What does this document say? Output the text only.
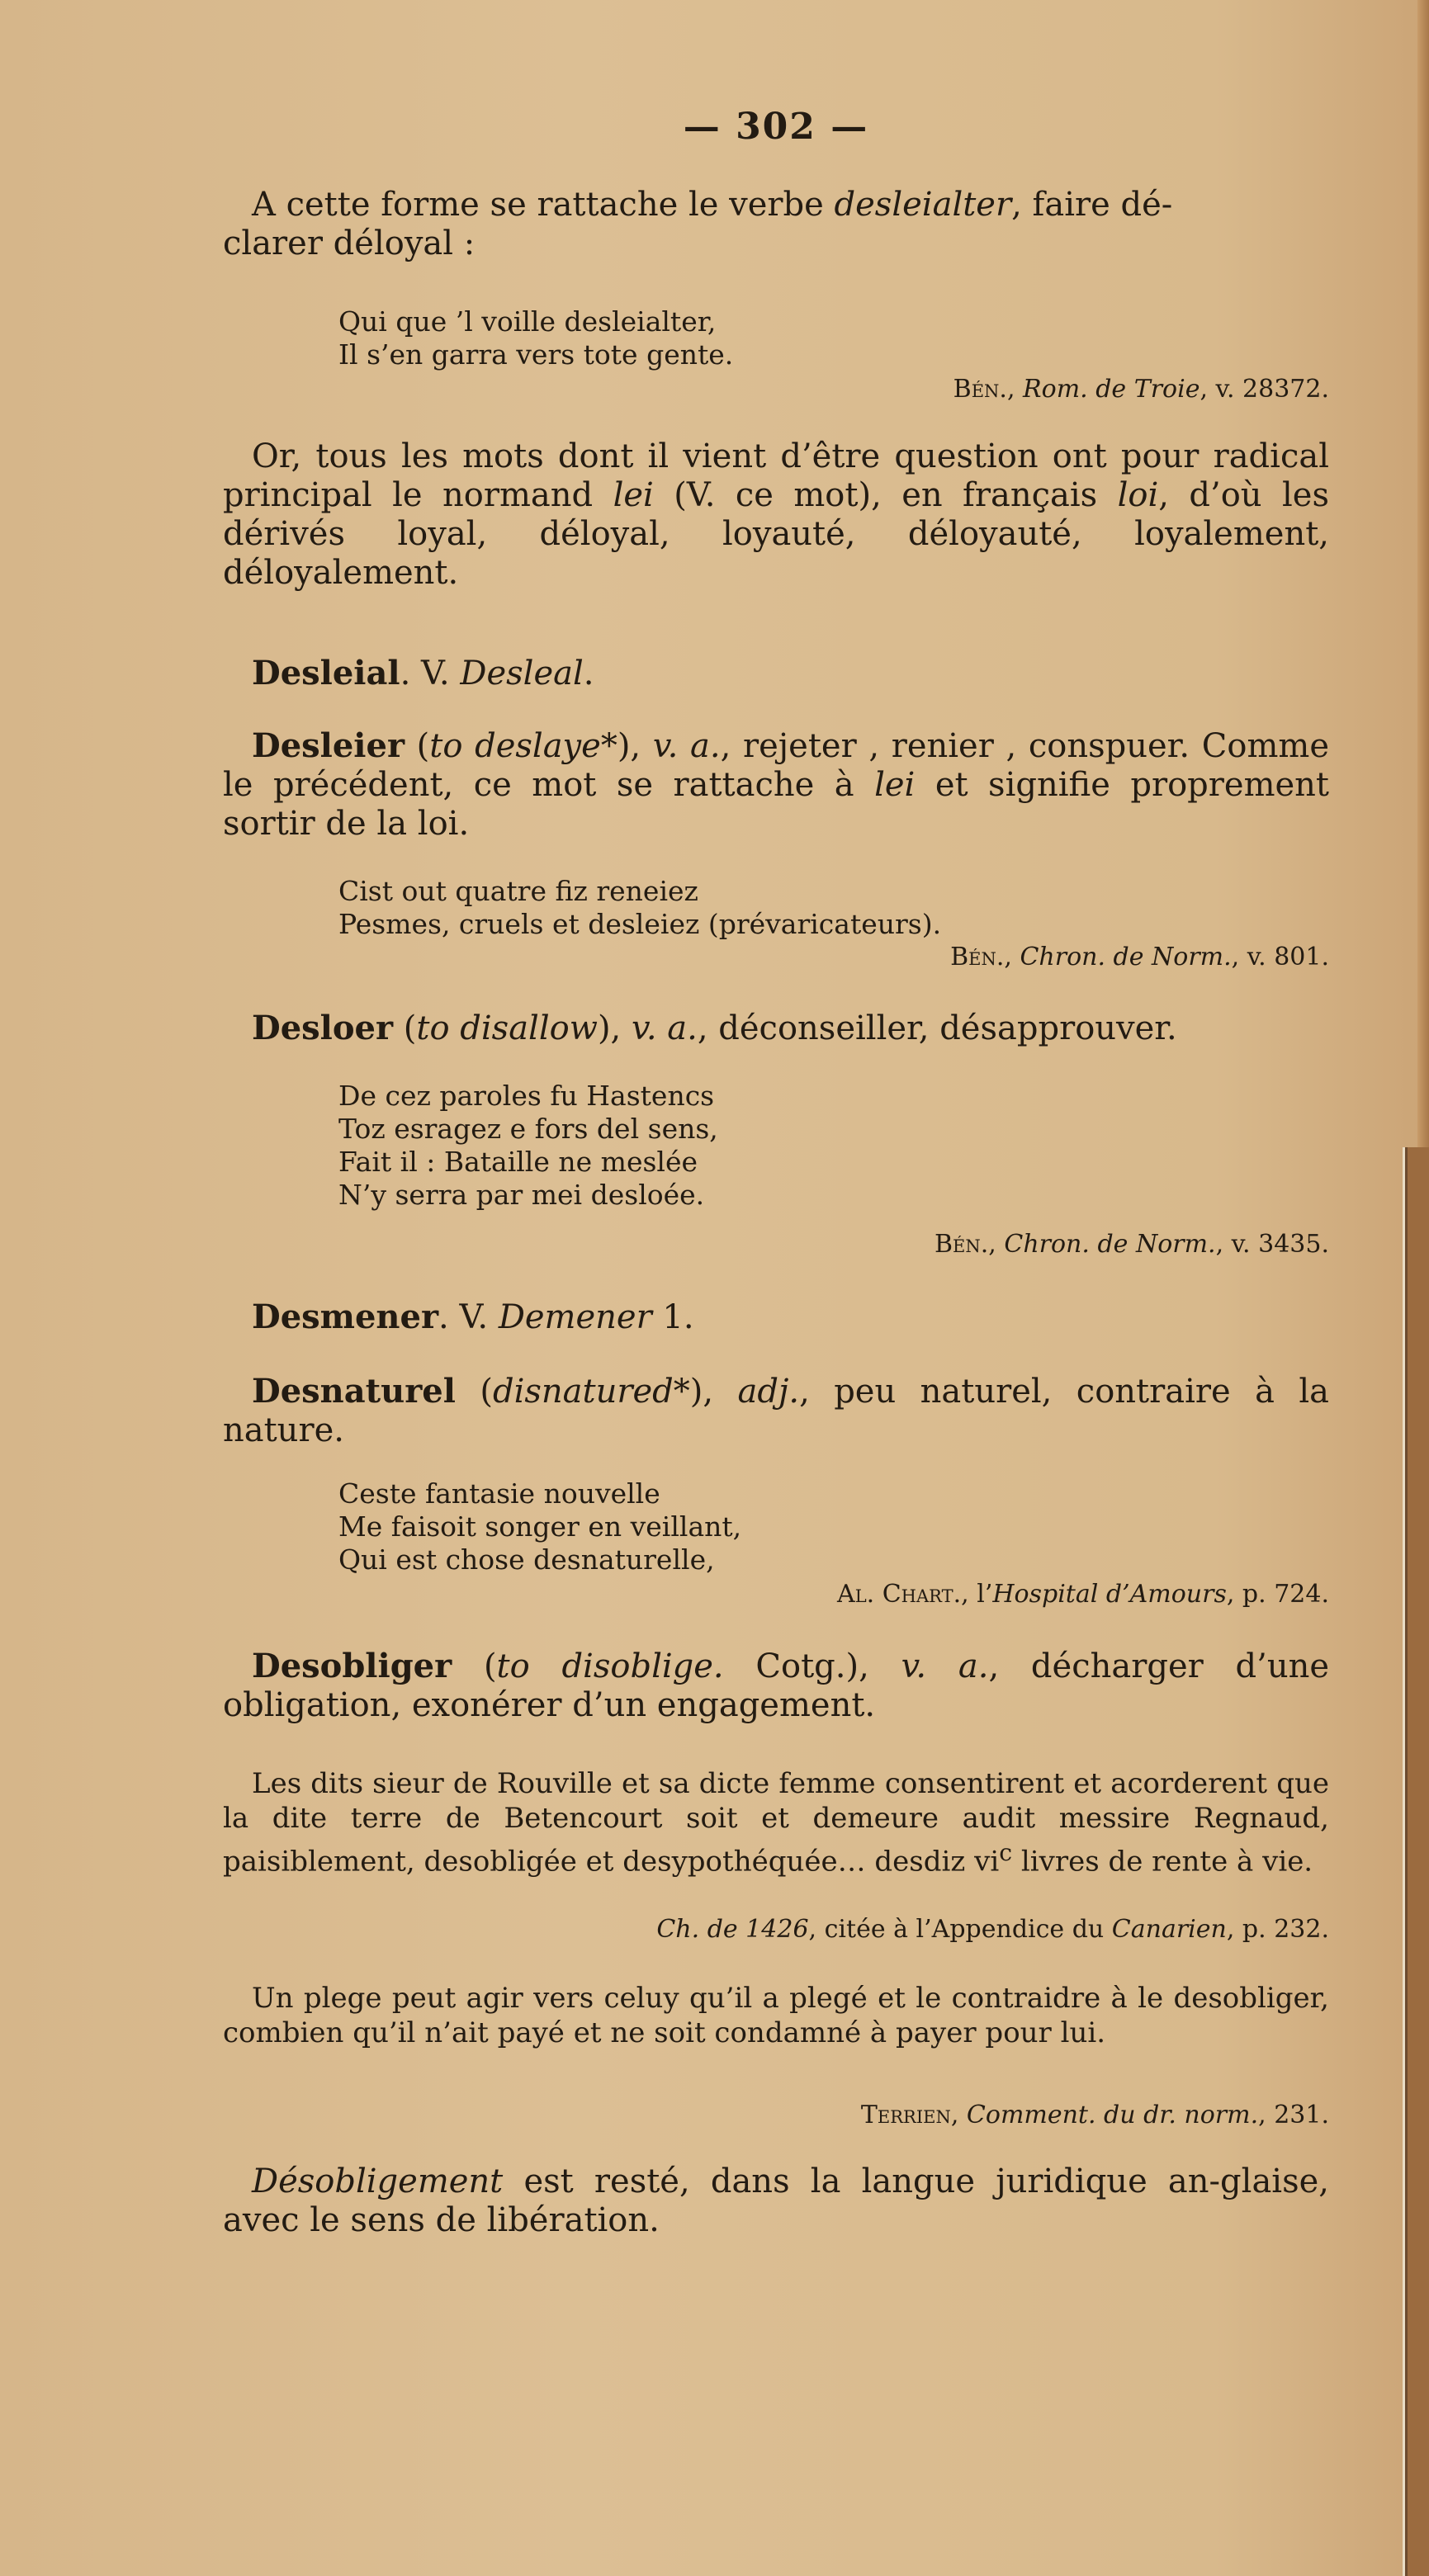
— 302 —
A cette forme se rattache le verbe desleialter, faire dé-
clarer déloyal :
Qui que ’l voille desleialter,
Il s’en garra vers tote gente.
Bén., Rom. de Troie, v. 28372.
Or, tous les mots dont il vient d’être question ont pour radical principal le normand lei (V. ce mot), en français loi, d’où les dérivés loyal, déloyal, loyauté, déloyauté, loyalement, déloyalement.
Desleial. V. Desleal.
Desleier (to deslaye*), v. a., rejeter , renier , conspuer. Comme le précédent, ce mot se rattache à lei et signifie proprement sortir de la loi.
Cist out quatre fiz reneiez
Pesmes, cruels et desleiez (prévaricateurs).
Bén., Chron. de Norm., v. 801.
Desloer (to disallow), v. a., déconseiller, désapprouver.
De cez paroles fu Hastencs
Toz esragez e fors del sens,
Fait il : Bataille ne meslée
N’y serra par mei desloée.
Bén., Chron. de Norm., v. 3435.
Desmener. V. Demener 1.
Desnaturel (disnatured*), adj., peu naturel, contraire à la nature.
Ceste fantasie nouvelle
Me faisoit songer en veillant,
Qui est chose desnaturelle,
Al. Chart., l’Hospital d’Amours, p. 724.
Desobliger (to disoblige. Cotg.), v. a., décharger d’une obligation, exonérer d’un engagement.
Les dits sieur de Rouville et sa dicte femme consentirent et acorderent que la dite terre de Betencourt soit et demeure audit messire Regnaud, paisiblement, desobligée et desypothéquée… desdiz $vi^c$ livres de rente à vie.
Ch. de 1426, citée à l’Appendice du Canarien, p. 232.
Un plege peut agir vers celuy qu’il a plegé et le contraidre à le desobliger, combien qu’il n’ait payé et ne soit condamné à payer pour lui.
Terrien, Comment. du dr. norm., 231.
Désobligement est resté, dans la langue juridique an-glaise, avec le sens de libération.
